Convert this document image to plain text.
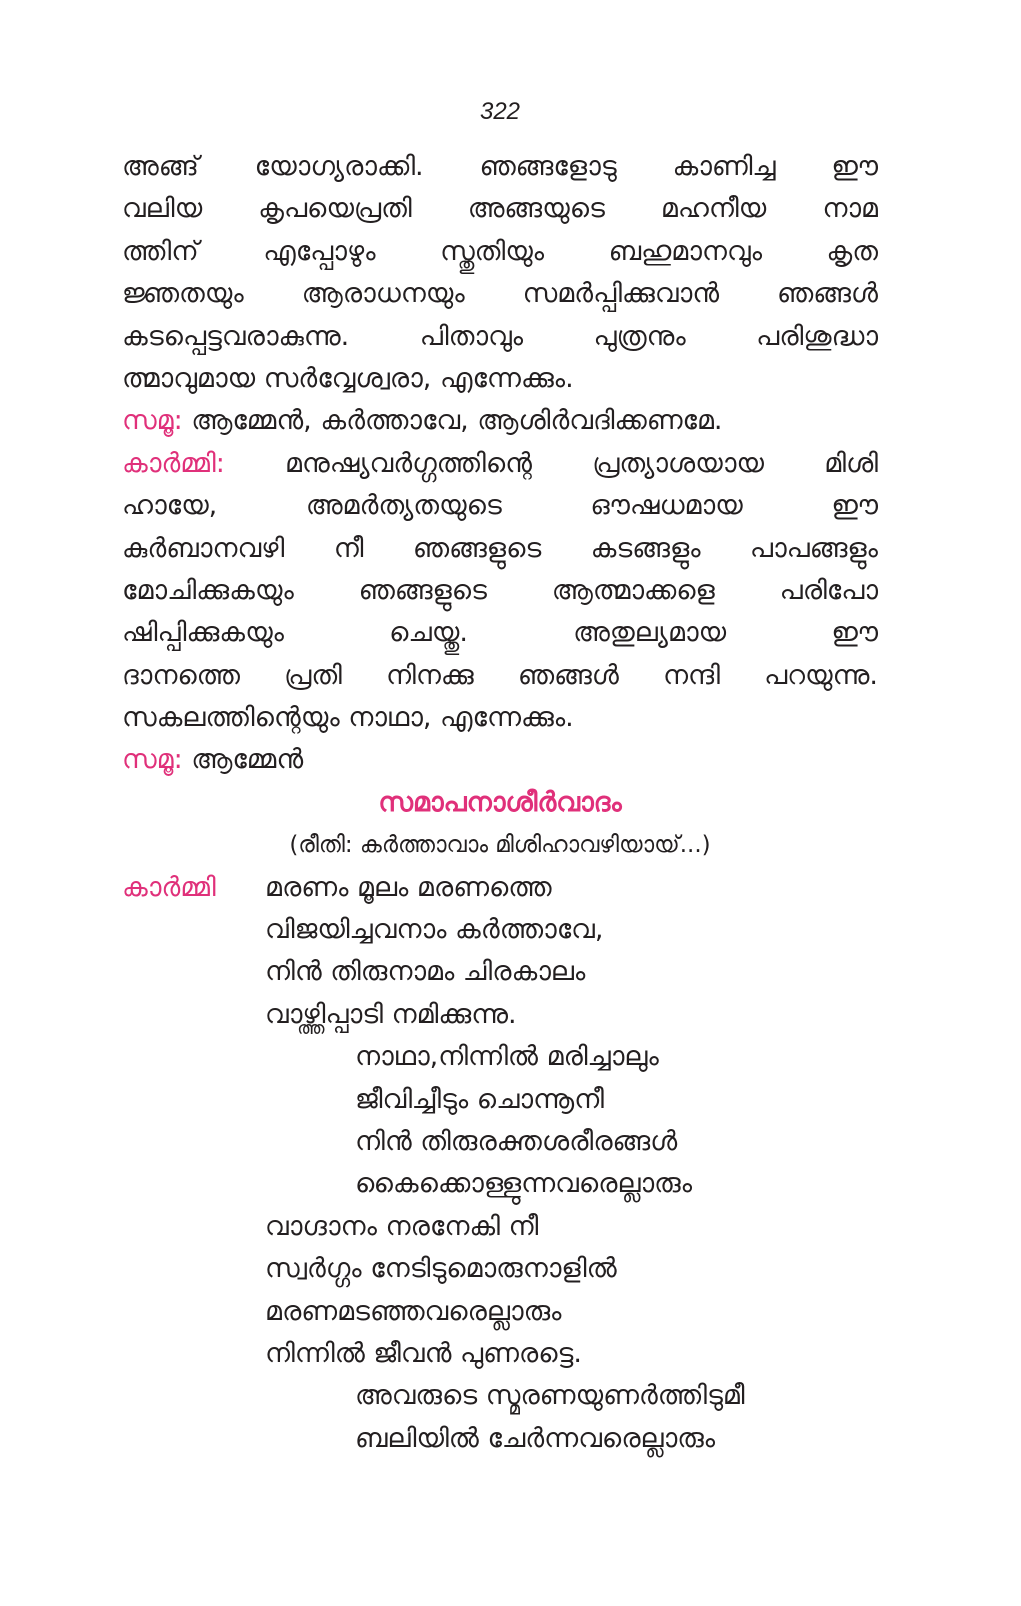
322
അങ്ങ് യോഗ്യരാക്കി. ഞങ്ങളോടു കാണിച്ച ഈ
വലിയ കൃപയെപ്രതി അങ്ങയുടെ മഹനീയ നാമ
ത്തിന് എപ്പോഴും സ്തുതിയും ബഹുമാനവും കൃത
ജ്ഞതയും ആരാധനയും സമർപ്പിക്കുവാൻ ഞങ്ങൾ
കടപ്പെട്ടവരാകുന്നു. പിതാവും പുത്രനും പരിശുദ്ധാ
ത്മാവുമായ സർവ്വേശ്വരാ, എന്നേക്കും.
സമൂ: ആമ്മേൻ, കർത്താവേ, ആശിർവദിക്കണമേ.
കാർമ്മി: മനുഷ്യവർഗ്ഗത്തിന്റെ പ്രത്യാശയായ മിശി
ഹായേ, അമർത്യതയുടെ ഔഷധമായ ഈ
കുർബാനവഴി നീ ഞങ്ങളുടെ കടങ്ങളും പാപങ്ങളും
മോചിക്കുകയും ഞങ്ങളുടെ ആത്മാക്കളെ പരിപോ
ഷിപ്പിക്കുകയും ചെയ്തു. അതുല്യമായ ഈ
ദാനത്തെ പ്രതി നിനക്കു ഞങ്ങൾ നന്ദി പറയുന്നു.
സകലത്തിന്റെയും നാഥാ, എന്നേക്കും.
സമൂ: ആമ്മേൻ
സമാപനാശീർവാദം
(രീതി: കർത്താവാം മിശിഹാവഴിയായ്...)
കാർമ്മി മരണം മൂലം മരണത്തെ
വിജയിച്ചവനാം കർത്താവേ,
നിൻ തിരുനാമം ചിരകാലം
വാഴ്ത്തിപ്പാടി നമിക്കുന്നു.
നാഥാ,നിന്നിൽ മരിച്ചാലും
ജീവിച്ചീടും ചൊന്നൂനീ
നിൻ തിരുരക്തശരീരങ്ങൾ
കൈക്കൊള്ളുന്നവരെല്ലാരും
വാഗ്ദാനം നരനേകി നീ
സ്വർഗ്ഗം നേടിടുമൊരുനാളിൽ
മരണമടഞ്ഞവരെല്ലാരും
നിന്നിൽ ജീവൻ പുണരട്ടെ.
അവരുടെ സ്മരണയുണർത്തിടുമീ
ബലിയിൽ ചേർന്നവരെല്ലാരും
